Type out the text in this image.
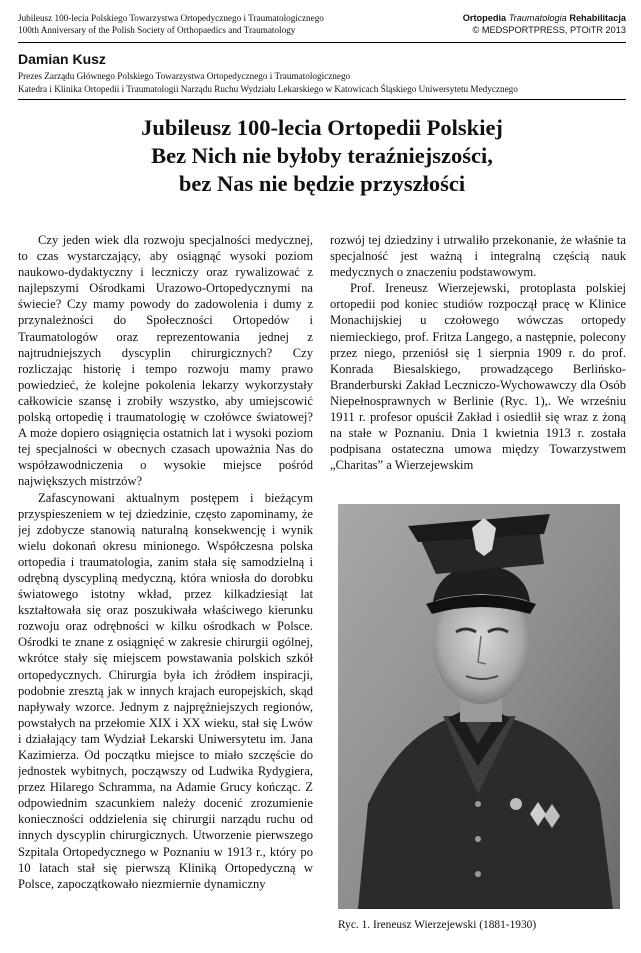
Jubileusz 100-lecia Polskiego Towarzystwa Ortopedycznego i Traumatologicznego
100th Anniversary of the Polish Society of Orthopaedics and Traumatology
Ortopedia Traumatologia Rehabilitacja
© MEDSPORTPRESS, PTOiTR 2013
Damian Kusz
Prezes Zarządu Głównego Polskiego Towarzystwa Ortopedycznego i Traumatologicznego
Katedra i Klinika Ortopedii i Traumatologii Narządu Ruchu Wydziału Lekarskiego w Katowicach Śląskiego Uniwersytetu Medycznego
Jubileusz 100-lecia Ortopedii Polskiej
Bez Nich nie byłoby teraźniejszości,
bez Nas nie będzie przyszłości

Czy jeden wiek dla rozwoju specjalności medycznej, to czas wystarczający, aby osiągnąć wysoki poziom naukowo-dydaktyczny i leczniczy oraz rywalizować z najlepszymi Ośrodkami Urazowo-Ortopedycznymi na świecie? Czy mamy powody do zadowolenia i dumy z przynależności do Społeczności Ortopedów i Traumatologów oraz reprezentowania jednej z najtrudniejszych dyscyplin chirurgicznych? Czy rozliczając historię i tempo rozwoju mamy prawo powiedzieć, że kolejne pokolenia lekarzy wykorzystały całkowicie szansę i zrobiły wszystko, aby umiejscowić polską ortopedię i traumatologię w czołówce światowej? A może dopiero osiągnięcia ostatnich lat i wysoki poziom tej specjalności w obecnych czasach upoważnia Nas do współzawodniczenia o wysokie miejsce pośród największych mistrzów?

Zafascynowani aktualnym postępem i bieżącym przyspieszeniem w tej dziedzinie, często zapominamy, że jej zdobycze stanowią naturalną konsekwencję i wynik wielu dokonań okresu minionego. Współczesna polska ortopedia i traumatologia, zanim stała się samodzielną i odrębną dyscypliną medyczną, która wniosła do dorobku światowego istotny wkład, przez kilkadziesiąt lat kształtowała się oraz poszukiwała właściwego kierunku rozwoju oraz odrębności w kilku ośrodkach w Polsce. Ośrodki te znane z osiągnięć w zakresie chirurgii ogólnej, wkrótce stały się miejscem powstawania polskich szkół ortopedycznych. Chirurgia była ich źródłem inspiracji, podobnie zresztą jak w innych krajach europejskich, skąd napływały wzorce. Jednym z najprężniejszych regionów, powstałych na przełomie XIX i XX wieku, stał się Lwów i działający tam Wydział Lekarski Uniwersytetu im. Jana Kazimierza. Od początku miejsce to miało szczęście do jednostek wybitnych, począwszy od Ludwika Rydygiera, przez Hilarego Schramma, na Adamie Grucy kończąc. Z odpowiednim szacunkiem należy docenić zrozumienie konieczności oddzielenia się chirurgii narządu ruchu od innych dyscyplin chirurgicznych. Utworzenie pierwszego Szpitala Ortopedycznego w Poznaniu w 1913 r., który po 10 latach stał się pierwszą Kliniką Ortopedyczną w Polsce, zapoczątkowało niezmiernie dynamiczny

rozwój tej dziedziny i utrwaliło przekonanie, że właśnie ta specjalność jest ważną i integralną częścią nauk medycznych o znaczeniu podstawowym.

Prof. Ireneusz Wierzejewski, protoplasta polskiej ortopedii pod koniec studiów rozpoczął pracę w Klinice Monachijskiej u czołowego wówczas ortopedy niemieckiego, prof. Fritza Langego, a następnie, polecony przez niego, przeniósł się 1 sierpnia 1909 r. do prof. Konrada Biesalskiego, prowadzącego Berlińsko-Branderburski Zakład Leczniczo-Wychowawczy dla Osób Niepełnosprawnych w Berlinie (Ryc. 1),. We wrześniu 1911 r. profesor opuścił Zakład i osiedlił się wraz z żoną na stałe w Poznaniu. Dnia 1 kwietnia 1913 r. została podpisana ostateczna umowa między Towarzystwem „Charitas” a Wierzejewskim

Ryc. 1. Ireneusz Wierzejewski (1881-1930)
